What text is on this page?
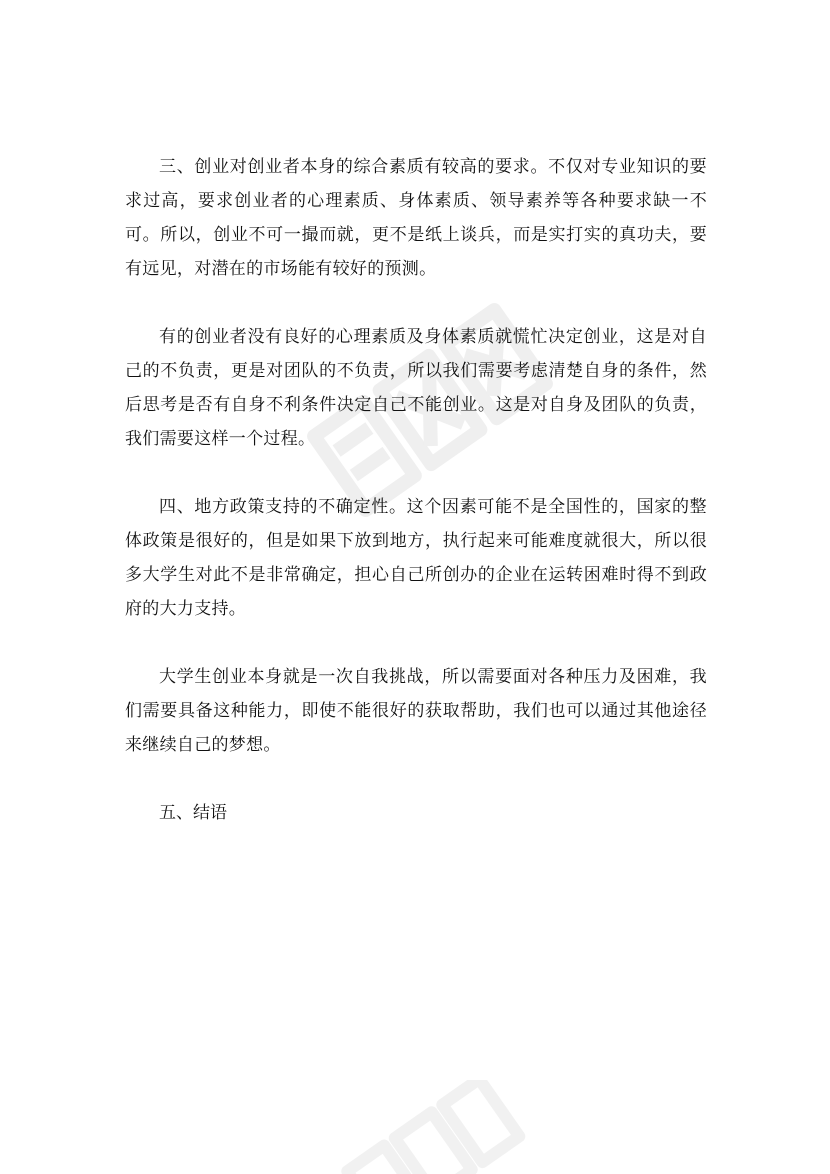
三、创业对创业者本身的综合素质有较高的要求。不仅对专业知识的要求过高，要求创业者的心理素质、身体素质、领导素养等各种要求缺一不可。所以，创业不可一撮而就，更不是纸上谈兵，而是实打实的真功夫，要有远见，对潜在的市场能有较好的预测。

有的创业者没有良好的心理素质及身体素质就慌忙决定创业，这是对自己的不负责，更是对团队的不负责，所以我们需要考虑清楚自身的条件，然后思考是否有自身不利条件决定自己不能创业。这是对自身及团队的负责，我们需要这样一个过程。

四、地方政策支持的不确定性。这个因素可能不是全国性的，国家的整体政策是很好的，但是如果下放到地方，执行起来可能难度就很大，所以很多大学生对此不是非常确定，担心自己所创办的企业在运转困难时得不到政府的大力支持。

大学生创业本身就是一次自我挑战，所以需要面对各种压力及困难，我们需要具备这种能力，即使不能很好的获取帮助，我们也可以通过其他途径来继续自己的梦想。

五、结语
